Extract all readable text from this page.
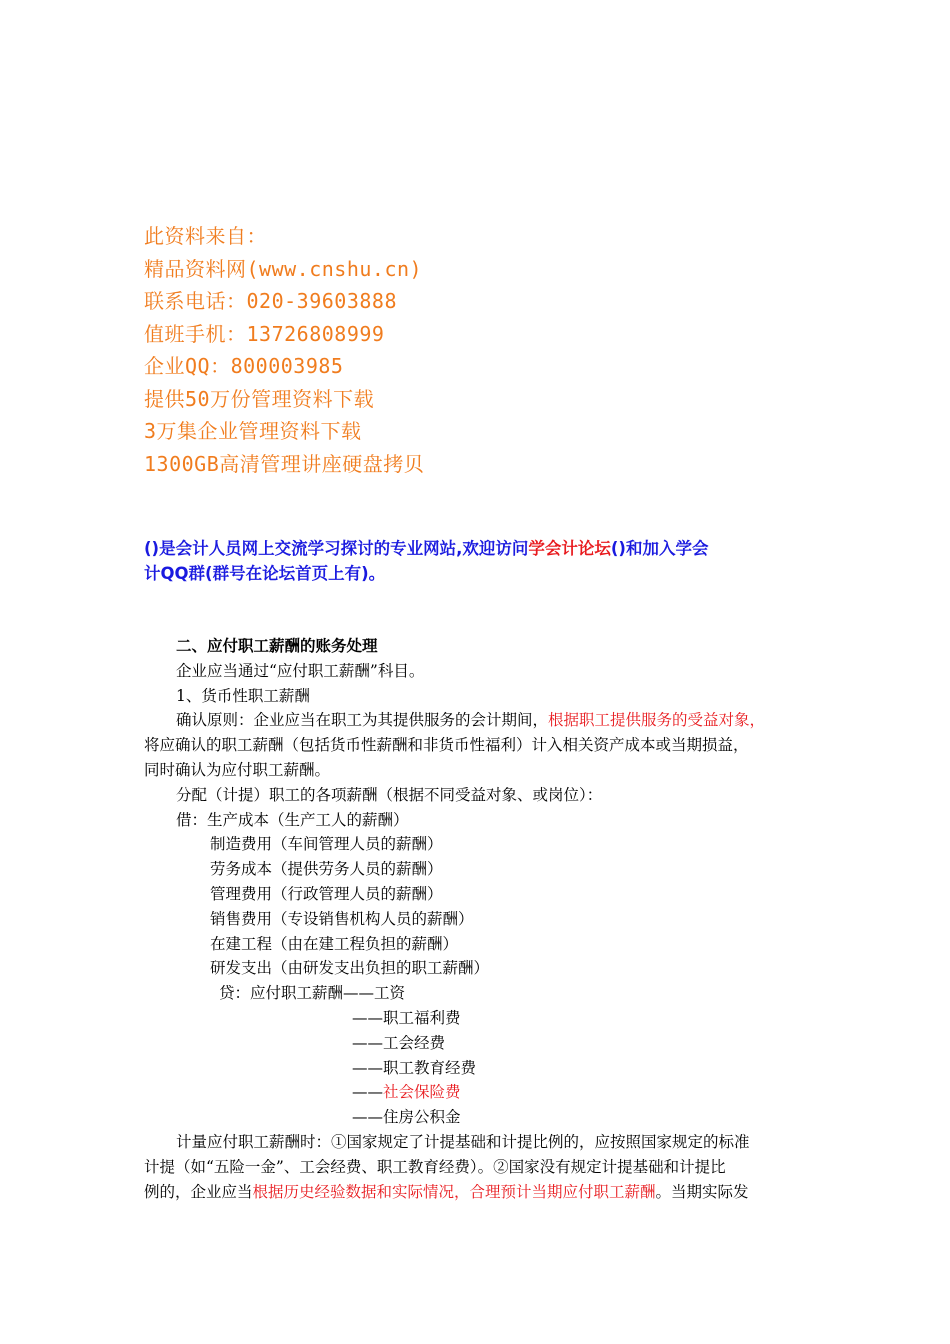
此资料来自：
精品资料网(www.cnshu.cn)
联系电话：020-39603888
值班手机：13726808999
企业QQ：800003985
提供50万份管理资料下载
3万集企业管理资料下载
1300GB高清管理讲座硬盘拷贝
()是会计人员网上交流学习探讨的专业网站,欢迎访问学会计论坛()和加入学会
计QQ群(群号在论坛首页上有)。
二、应付职工薪酬的账务处理
企业应当通过“应付职工薪酬”科目。
1、货币性职工薪酬
确认原则：企业应当在职工为其提供服务的会计期间，根据职工提供服务的受益对象，
将应确认的职工薪酬（包括货币性薪酬和非货币性福利）计入相关资产成本或当期损益，
同时确认为应付职工薪酬。
分配（计提）职工的各项薪酬（根据不同受益对象、或岗位）：
借：生产成本（生产工人的薪酬）
制造费用（车间管理人员的薪酬）
劳务成本（提供劳务人员的薪酬）
管理费用（行政管理人员的薪酬）
销售费用（专设销售机构人员的薪酬）
在建工程（由在建工程负担的薪酬）
研发支出（由研发支出负担的职工薪酬）
贷：应付职工薪酬——工资
——职工福利费
——工会经费
——职工教育经费
——社会保险费
——住房公积金
计量应付职工薪酬时：①国家规定了计提基础和计提比例的，应按照国家规定的标准
计提（如“五险一金”、工会经费、职工教育经费）。②国家没有规定计提基础和计提比
例的，企业应当根据历史经验数据和实际情况，合理预计当期应付职工薪酬。当期实际发
